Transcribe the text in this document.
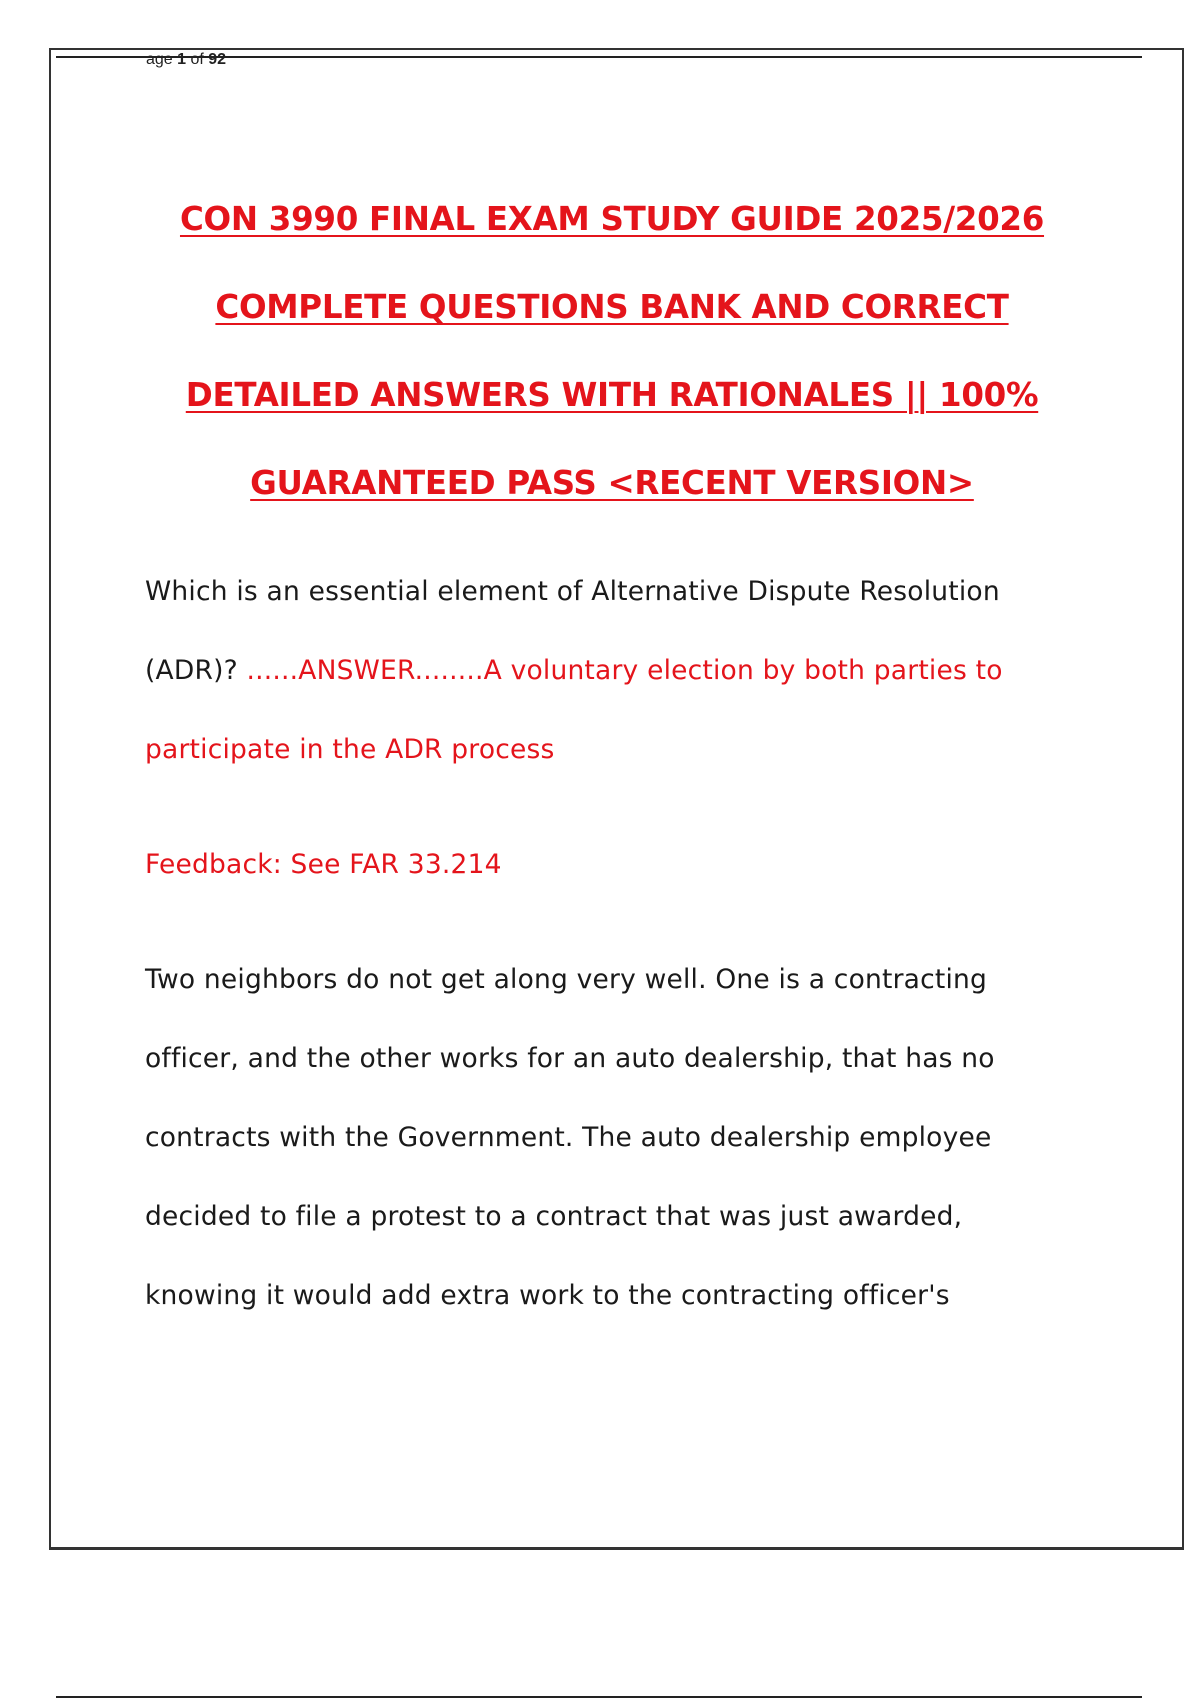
age 1 of 92
CON 3990 FINAL EXAM STUDY GUIDE 2025/2026
COMPLETE QUESTIONS BANK AND CORRECT
DETAILED ANSWERS WITH RATIONALES || 100%
GUARANTEED PASS <RECENT VERSION>
Which is an essential element of Alternative Dispute Resolution
(ADR)? ......ANSWER........A voluntary election by both parties to
participate in the ADR process
Feedback: See FAR 33.214
Two neighbors do not get along very well. One is a contracting
officer, and the other works for an auto dealership, that has no
contracts with the Government. The auto dealership employee
decided to file a protest to a contract that was just awarded,
knowing it would add extra work to the contracting officer's
